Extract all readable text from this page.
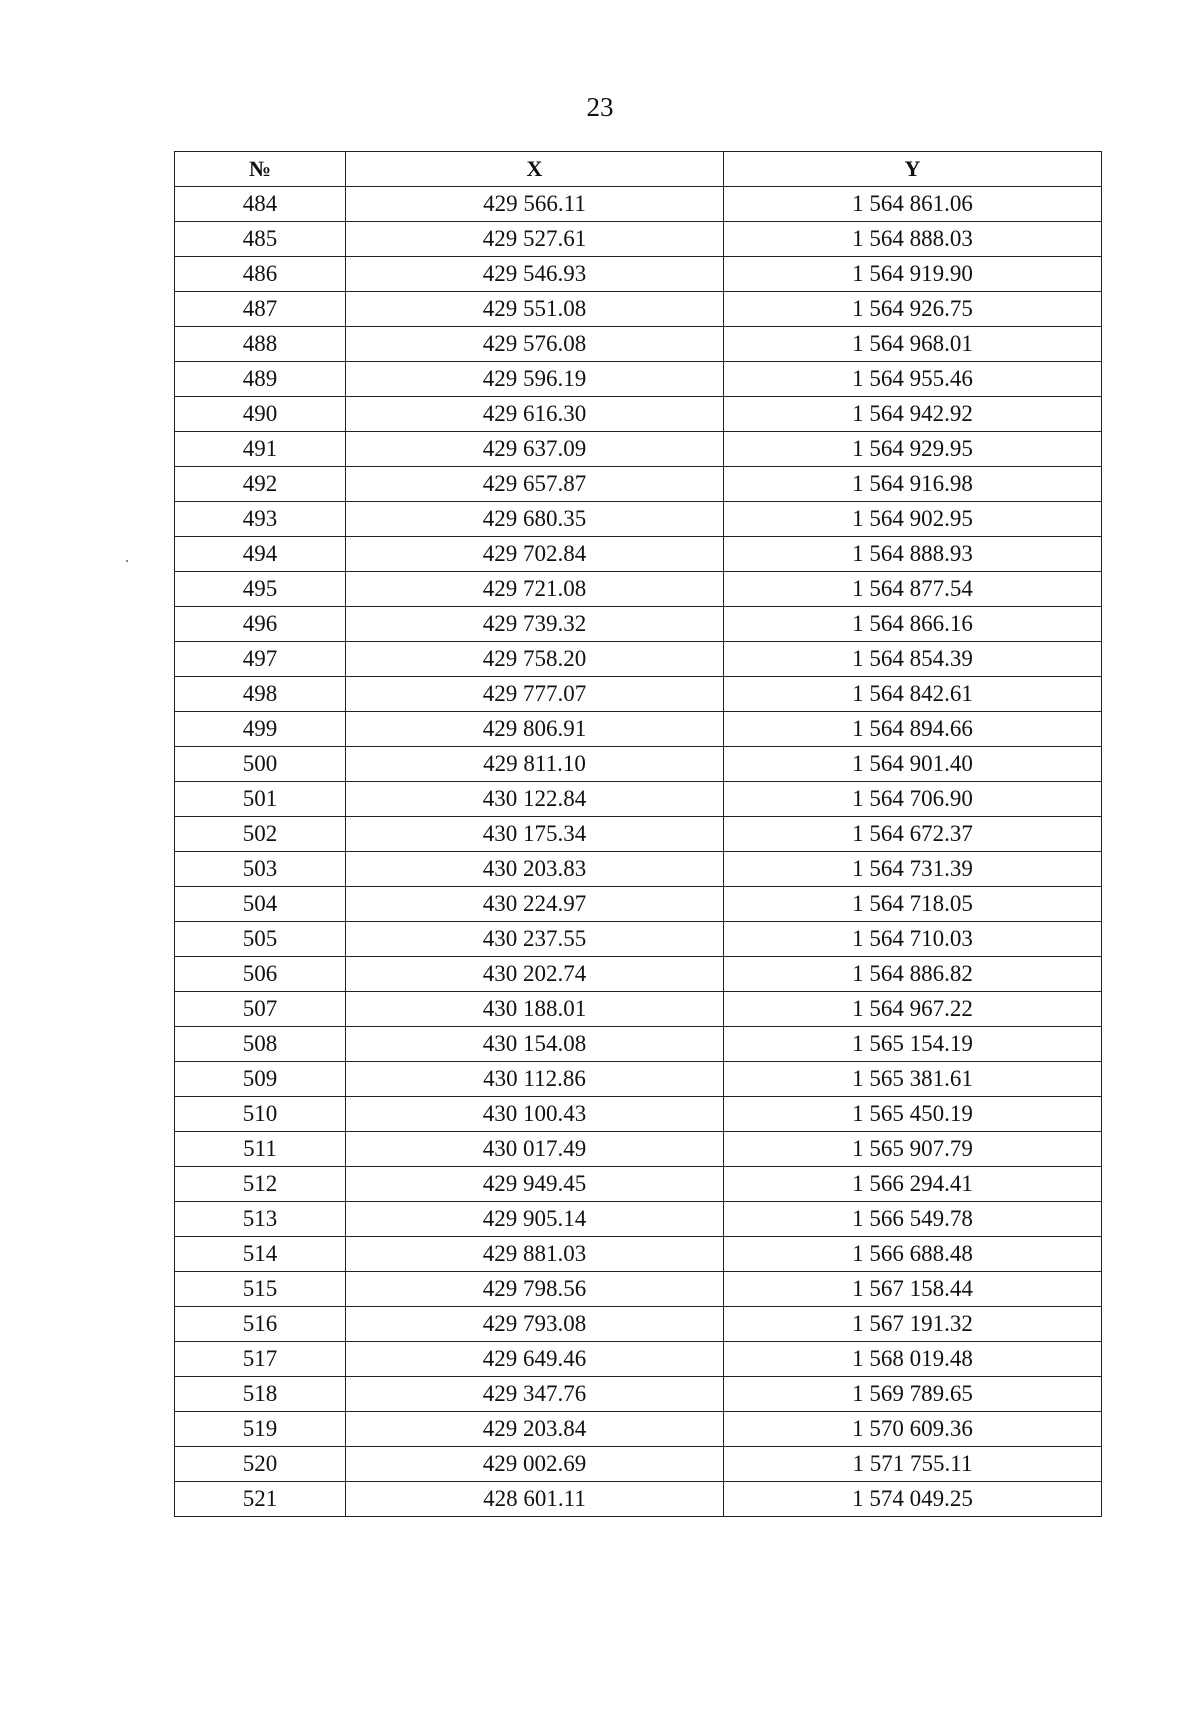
23
№	X	Y
484	429 566.11	1 564 861.06
485	429 527.61	1 564 888.03
486	429 546.93	1 564 919.90
487	429 551.08	1 564 926.75
488	429 576.08	1 564 968.01
489	429 596.19	1 564 955.46
490	429 616.30	1 564 942.92
491	429 637.09	1 564 929.95
492	429 657.87	1 564 916.98
493	429 680.35	1 564 902.95
494	429 702.84	1 564 888.93
495	429 721.08	1 564 877.54
496	429 739.32	1 564 866.16
497	429 758.20	1 564 854.39
498	429 777.07	1 564 842.61
499	429 806.91	1 564 894.66
500	429 811.10	1 564 901.40
501	430 122.84	1 564 706.90
502	430 175.34	1 564 672.37
503	430 203.83	1 564 731.39
504	430 224.97	1 564 718.05
505	430 237.55	1 564 710.03
506	430 202.74	1 564 886.82
507	430 188.01	1 564 967.22
508	430 154.08	1 565 154.19
509	430 112.86	1 565 381.61
510	430 100.43	1 565 450.19
511	430 017.49	1 565 907.79
512	429 949.45	1 566 294.41
513	429 905.14	1 566 549.78
514	429 881.03	1 566 688.48
515	429 798.56	1 567 158.44
516	429 793.08	1 567 191.32
517	429 649.46	1 568 019.48
518	429 347.76	1 569 789.65
519	429 203.84	1 570 609.36
520	429 002.69	1 571 755.11
521	428 601.11	1 574 049.25
